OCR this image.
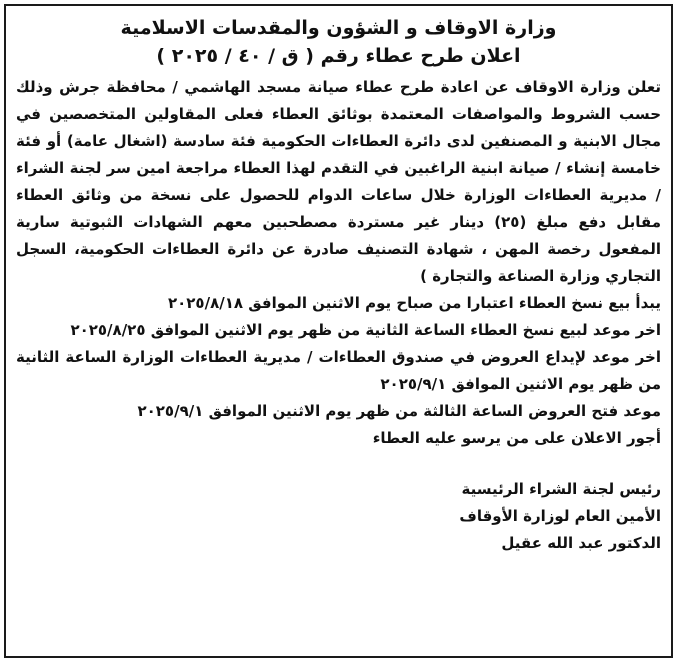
وزارة الاوقاف و الشؤون والمقدسات الاسلامية
اعلان طرح عطاء رقم ( ق / ٤٠ / ٢٠٢٥ )

تعلن وزارة الاوقاف عن اعادة طرح عطاء صيانة مسجد الهاشمي / محافظة جرش وذلك حسب الشروط والمواصفات المعتمدة بوثائق العطاء فعلى المقاولين المتخصصين في مجال الابنية و المصنفين لدى دائرة العطاءات الحكومية فئة سادسة (اشغال عامة) أو فئة خامسة إنشاء / صيانة ابنية الراغبين في التقدم لهذا العطاء مراجعة امين سر لجنة الشراء / مديرية العطاءات الوزارة خلال ساعات الدوام للحصول على نسخة من وثائق العطاء مقابل دفع مبلغ (٢٥) دينار غير مستردة مصطحبين معهم الشهادات الثبوتية سارية المفعول رخصة المهن ، شهادة التصنيف صادرة عن دائرة العطاءات الحكومية، السجل التجاري وزارة الصناعة والتجارة )

يبدأ بيع نسخ العطاء اعتبارا من صباح يوم الاثنين الموافق ٢٠٢٥/٨/١٨

اخر موعد لبيع نسخ العطاء الساعة الثانية من ظهر يوم الاثنين الموافق ٢٠٢٥/٨/٢٥

اخر موعد لإيداع العروض في صندوق العطاءات / مديرية العطاءات الوزارة الساعة الثانية من ظهر يوم الاثنين الموافق ٢٠٢٥/٩/١

موعد فتح العروض الساعة الثالثة من ظهر يوم الاثنين الموافق ٢٠٢٥/٩/١

أجور الاعلان على من يرسو عليه العطاء

رئيس لجنة الشراء الرئيسية

الأمين العام لوزارة الأوقاف

الدكتور عبد الله عقيل
